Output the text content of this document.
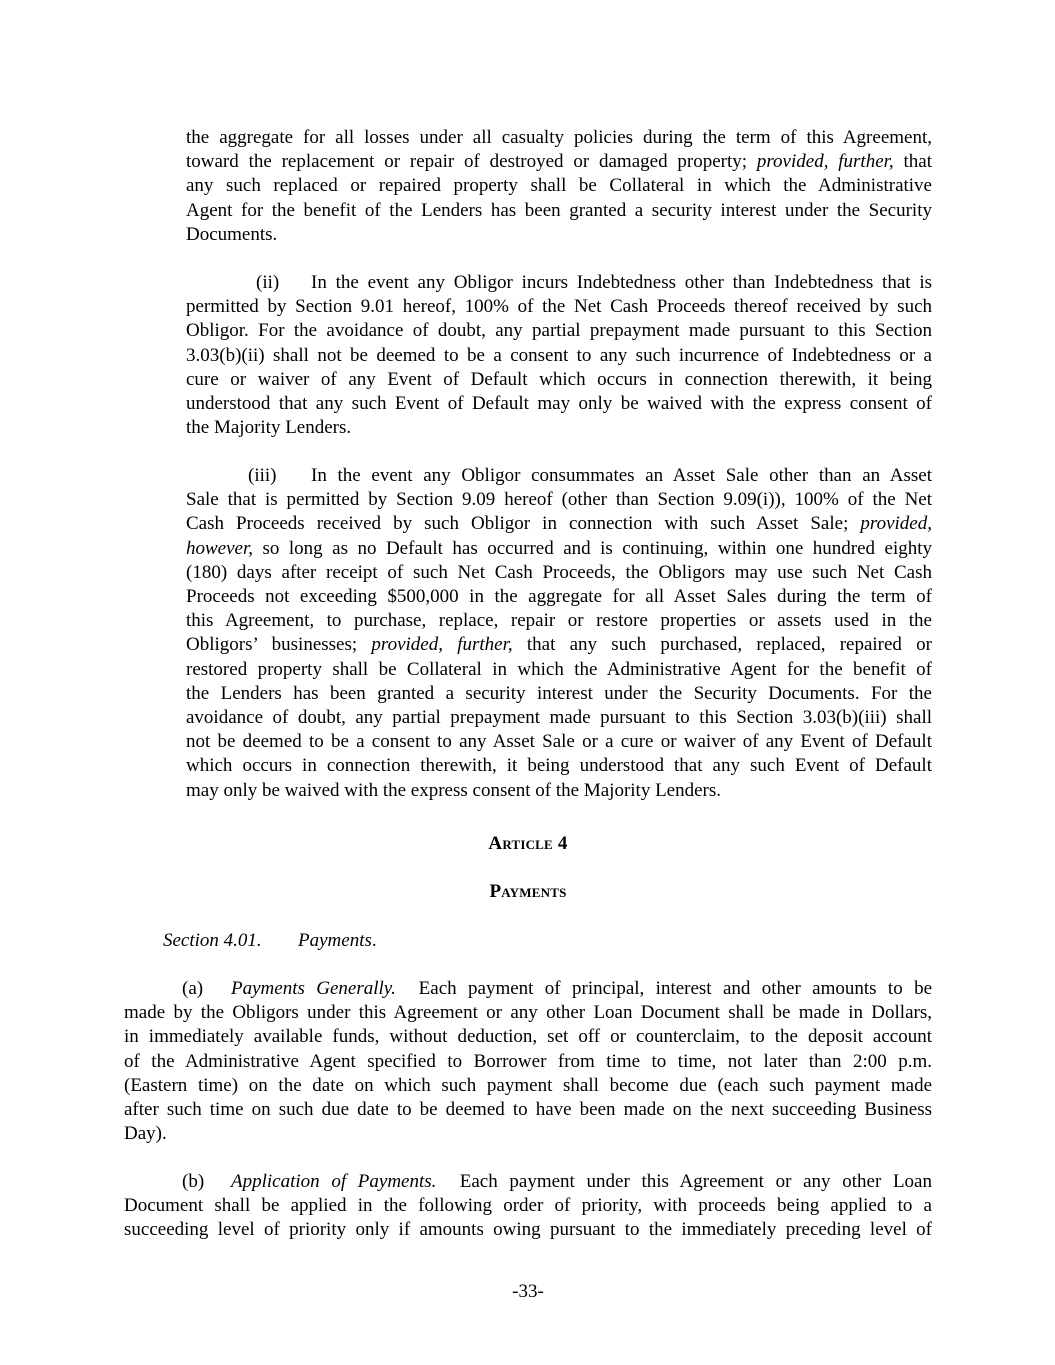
the aggregate for all losses under all casualty policies during the term of this Agreement,
toward the replacement or repair of destroyed or damaged property; provided, further, that
any such replaced or repaired property shall be Collateral in which the Administrative
Agent for the benefit of the Lenders has been granted a security interest under the Security
Documents.
(ii) In the event any Obligor incurs Indebtedness other than Indebtedness that is
permitted by Section 9.01 hereof, 100% of the Net Cash Proceeds thereof received by such
Obligor. For the avoidance of doubt, any partial prepayment made pursuant to this Section
3.03(b)(ii) shall not be deemed to be a consent to any such incurrence of Indebtedness or a
cure or waiver of any Event of Default which occurs in connection therewith, it being
understood that any such Event of Default may only be waived with the express consent of
the Majority Lenders.
(iii) In the event any Obligor consummates an Asset Sale other than an Asset
Sale that is permitted by Section 9.09 hereof (other than Section 9.09(i)), 100% of the Net
Cash Proceeds received by such Obligor in connection with such Asset Sale; provided,
however, so long as no Default has occurred and is continuing, within one hundred eighty
(180) days after receipt of such Net Cash Proceeds, the Obligors may use such Net Cash
Proceeds not exceeding $500,000 in the aggregate for all Asset Sales during the term of
this Agreement, to purchase, replace, repair or restore properties or assets used in the
Obligors’ businesses; provided, further, that any such purchased, replaced, repaired or
restored property shall be Collateral in which the Administrative Agent for the benefit of
the Lenders has been granted a security interest under the Security Documents. For the
avoidance of doubt, any partial prepayment made pursuant to this Section 3.03(b)(iii) shall
not be deemed to be a consent to any Asset Sale or a cure or waiver of any Event of Default
which occurs in connection therewith, it being understood that any such Event of Default
may only be waived with the express consent of the Majority Lenders.
Article 4
Payments
Section 4.01. Payments.
(a) Payments Generally. Each payment of principal, interest and other amounts to be
made by the Obligors under this Agreement or any other Loan Document shall be made in Dollars,
in immediately available funds, without deduction, set off or counterclaim, to the deposit account
of the Administrative Agent specified to Borrower from time to time, not later than 2:00 p.m.
(Eastern time) on the date on which such payment shall become due (each such payment made
after such time on such due date to be deemed to have been made on the next succeeding Business
Day).
(b) Application of Payments. Each payment under this Agreement or any other Loan
Document shall be applied in the following order of priority, with proceeds being applied to a
succeeding level of priority only if amounts owing pursuant to the immediately preceding level of
-33-
